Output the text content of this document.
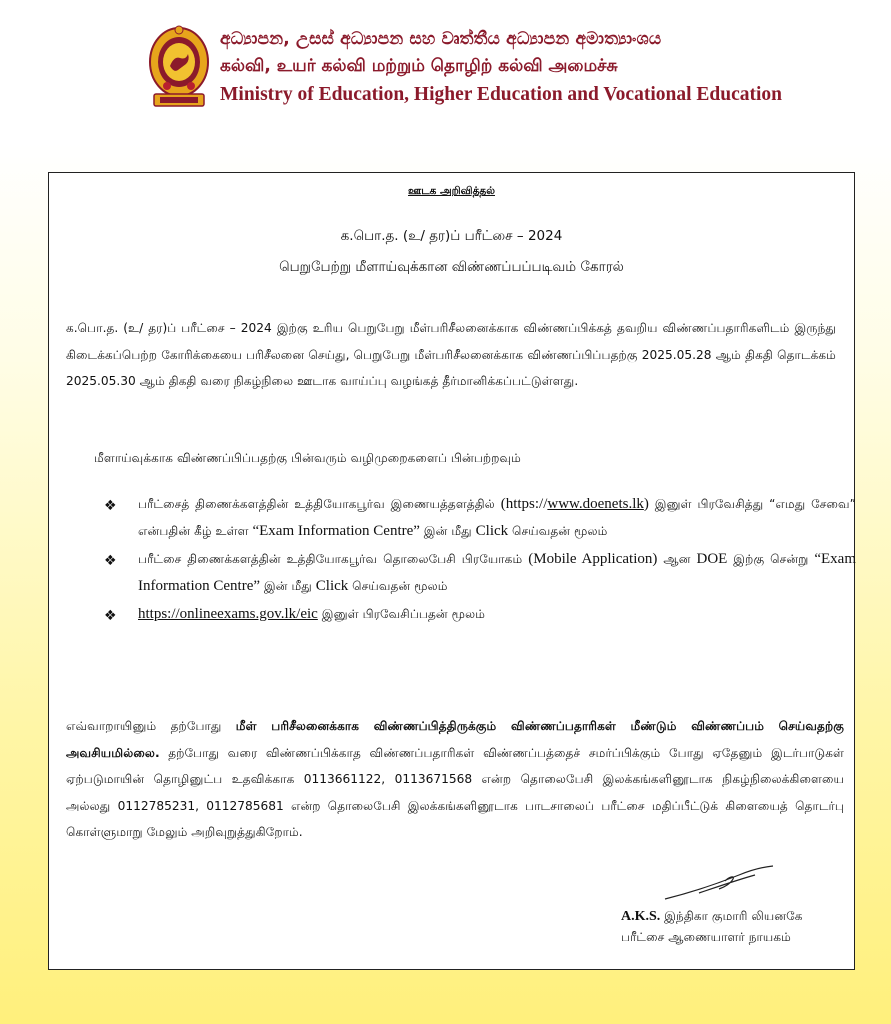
අධ්‍යාපන, උසස් අධ්‍යාපන සහ වෘත්තීය අධ්‍යාපන අමාත්‍යාංශය
கல்வி, உயர் கல்வி மற்றும் தொழிற் கல்வி அமைச்சு
Ministry of Education, Higher Education and Vocational Education
ஊடக அறிவித்தல்
க.பொ.த. (உ/ தர)ப் பரீட்சை – 2024
பெறுபேற்று மீளாய்வுக்கான விண்ணப்பப்படிவம் கோரல்
க.பொ.த. (உ/ தர)ப் பரீட்சை – 2024 இற்கு உரிய பெறுபேறு மீள்பரிசீலனைக்காக விண்ணப்பிக்கத் தவறிய விண்ணப்பதாரிகளிடம் இருந்து கிடைக்கப்பெற்ற கோரிக்கையை பரிசீலனை செய்து, பெறுபேறு மீள்பரிசீலனைக்காக விண்ணப்பிப்பதற்கு 2025.05.28 ஆம் திகதி தொடக்கம் 2025.05.30 ஆம் திகதி வரை நிகழ்நிலை ஊடாக வாய்ப்பு வழங்கத் தீர்மானிக்கப்பட்டுள்ளது.
மீளாய்வுக்காக விண்ணப்பிப்பதற்கு பின்வரும் வழிமுறைகளைப் பின்பற்றவும்
❖ பரீட்சைத் திணைக்களத்தின் உத்தியோகபூர்வ இணையத்தளத்தில் (https://www.doenets.lk) இனுள் பிரவேசித்து “எமது சேவை” என்பதின் கீழ் உள்ள “Exam Information Centre” இன் மீது Click செய்வதன் மூலம்
❖ பரீட்சை திணைக்களத்தின் உத்தியோகபூர்வ தொலைபேசி பிரயோகம் (Mobile Application) ஆன DOE இற்கு சென்று “Exam Information Centre” இன் மீது Click செய்வதன் மூலம்
❖ https://onlineexams.gov.lk/eic இனுள் பிரவேசிப்பதன் மூலம்
எவ்வாறாயினும் தற்போது மீள் பரிசீலனைக்காக விண்ணப்பித்திருக்கும் விண்ணப்பதாரிகள் மீண்டும் விண்ணப்பம் செய்வதற்கு அவசியமில்லை. தற்போது வரை விண்ணப்பிக்காத விண்ணப்பதாரிகள் விண்ணப்பத்தைச் சமர்ப்பிக்கும் போது ஏதேனும் இடர்பாடுகள் ஏற்படுமாயின் தொழினுட்ப உதவிக்காக 0113661122, 0113671568 என்ற தொலைபேசி இலக்கங்களினூடாக நிகழ்நிலைக்கிளையை அல்லது 0112785231, 0112785681 என்ற தொலைபேசி இலக்கங்களினூடாக பாடசாலைப் பரீட்சை மதிப்பீட்டுக் கிளையைத் தொடர்பு கொள்ளுமாறு மேலும் அறிவுறுத்துகிறோம்.
A.K.S. இந்திகா குமாரி லியனகே
பரீட்சை ஆணையாளர் நாயகம்
